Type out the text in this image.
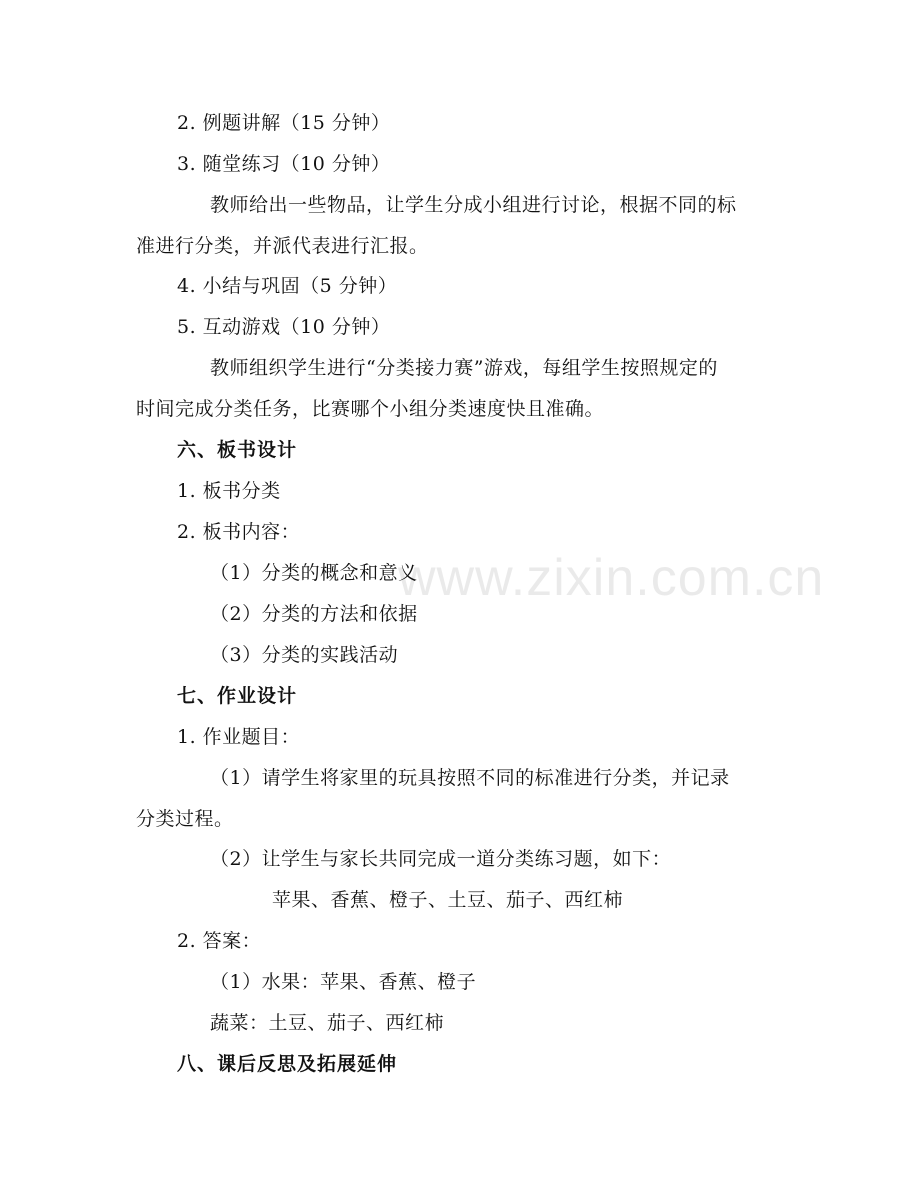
2. 例题讲解（15 分钟）
3. 随堂练习（10 分钟）
教师给出一些物品，让学生分成小组进行讨论，根据不同的标
准进行分类，并派代表进行汇报。
4. 小结与巩固（5 分钟）
5. 互动游戏（10 分钟）
教师组织学生进行“分类接力赛”游戏，每组学生按照规定的
时间完成分类任务，比赛哪个小组分类速度快且准确。
六、板书设计
1. 板书分类
2. 板书内容：
（1）分类的概念和意义
（2）分类的方法和依据
（3）分类的实践活动
七、作业设计
1. 作业题目：
（1）请学生将家里的玩具按照不同的标准进行分类，并记录
分类过程。
（2）让学生与家长共同完成一道分类练习题，如下：
苹果、香蕉、橙子、土豆、茄子、西红柿
2. 答案：
（1）水果：苹果、香蕉、橙子
蔬菜：土豆、茄子、西红柿
八、课后反思及拓展延伸
www.zixin.com.cn
